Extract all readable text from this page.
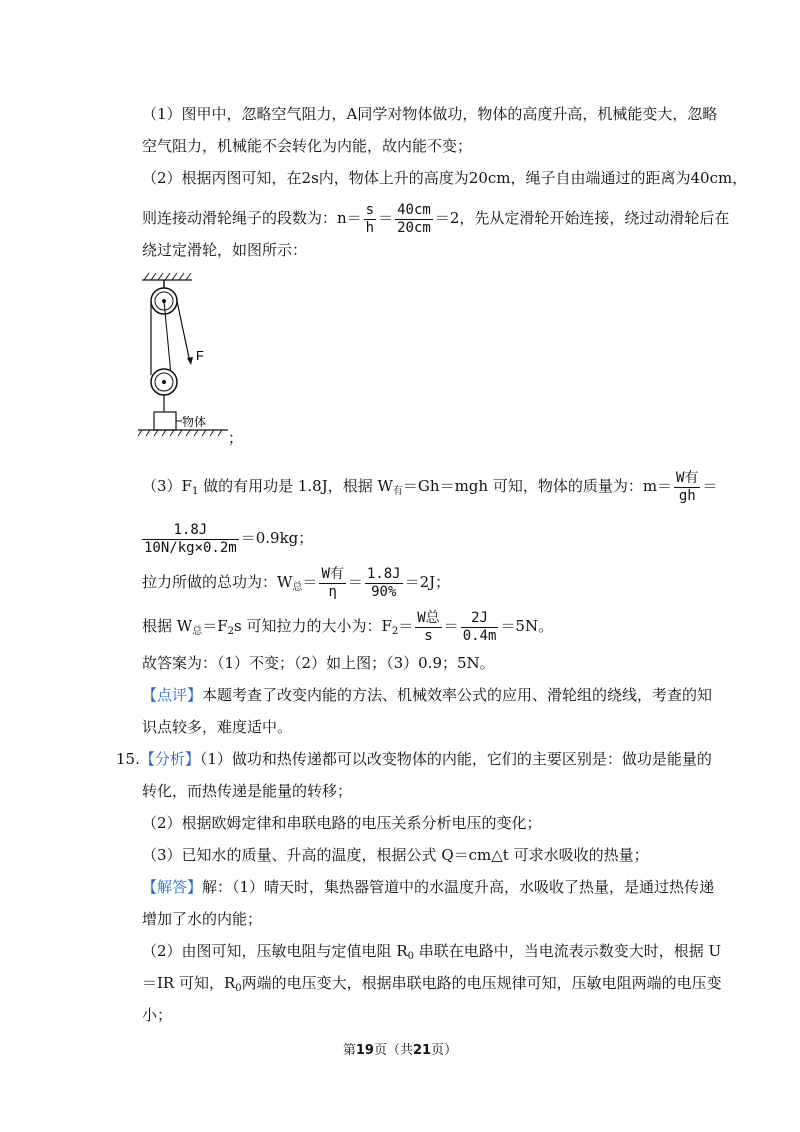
（1）图甲中，忽略空气阻力，A同学对物体做功，物体的高度升高，机械能变大，忽略
空气阻力，机械能不会转化为内能，故内能不变；
（2）根据丙图可知，在2s内，物体上升的高度为20cm，绳子自由端通过的距离为40cm，
则连接动滑轮绳子的段数为：$n= \frac{s}{h} = \frac{40cm}{20cm} =2$，先从定滑轮开始连接，绕过动滑轮后在
绕过定滑轮，如图所示：
F
物体
；
$(3)F_1$ 做的有用功是 1.8J，根据 $W_有=Gh=mgh$ 可知，物体的质量为：$m= \frac{\text{W有}}{gh}$ ＝
$\frac{1.8J}{10N/kg\times 0.2m} =0.9kg$；
拉力所做的总功为：$W_总= \frac{\text{W有}}{\eta} = \frac{1.8J}{90\%} =2J$；
根据 $W_总=F_2s$ 可知拉力的大小为：$F_2= \frac{\text{W总}}{s} = \frac{2J}{0.4m} =5N$。
故答案为：（1）不变；（2）如上图；（3）0.9；5N。
【点评】本题考查了改变内能的方法、机械效率公式的应用、滑轮组的绕线，考查的知
识点较多，难度适中。
15.【分析】（1）做功和热传递都可以改变物体的内能，它们的主要区别是：做功是能量的
转化，而热传递是能量的转移；
（2）根据欧姆定律和串联电路的电压关系分析电压的变化；
（3）已知水的质量、升高的温度，根据公式 Q＝cm△t 可求水吸收的热量；
【解答】解：（1）晴天时，集热器管道中的水温度升高，水吸收了热量，是通过热传递
增加了水的内能；
（2）由图可知，压敏电阻与定值电阻 $R_0$ 串联在电路中，当电流表示数变大时，根据 U
＝IR 可知，$R_0$两端的电压变大，根据串联电路的电压规律可知，压敏电阻两端的电压变
小；
第19页（共21页）
